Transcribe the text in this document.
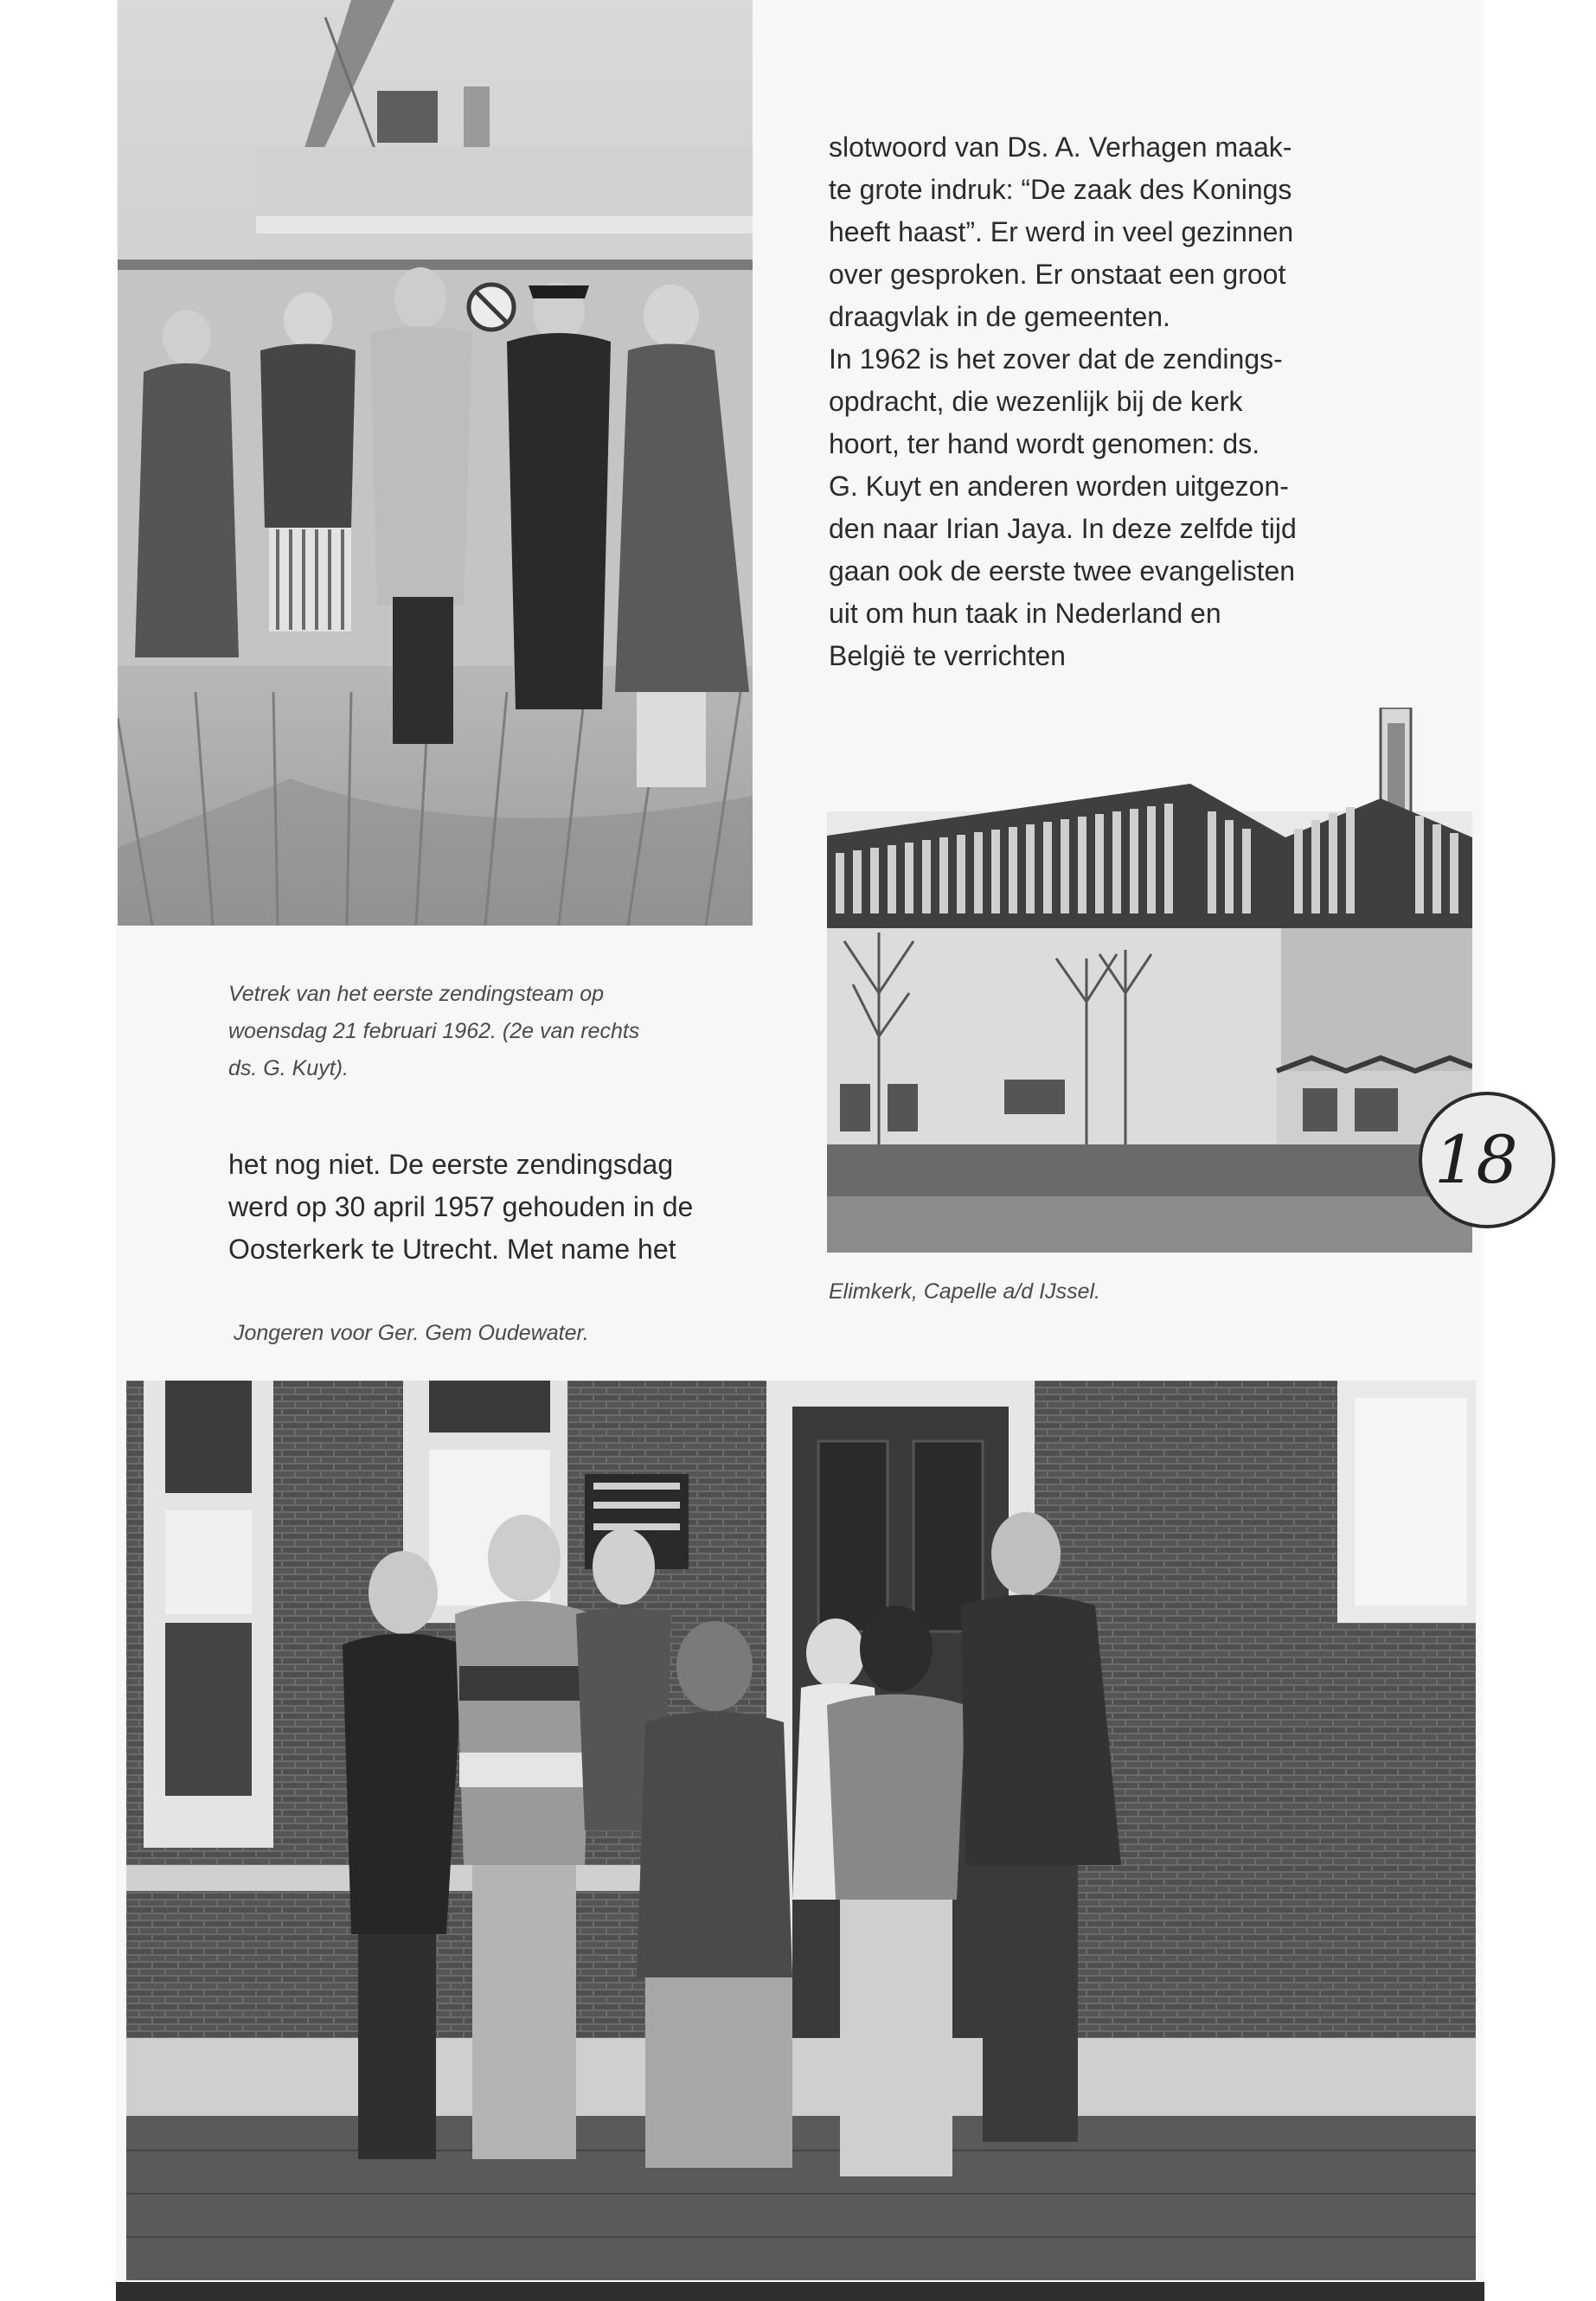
slotwoord van Ds. A. Verhagen maak-
te grote indruk: “De zaak des Konings
heeft haast”. Er werd in veel gezinnen
over gesproken. Er onstaat een groot
draagvlak in de gemeenten.
In 1962 is het zover dat de zendings-
opdracht, die wezenlijk bij de kerk
hoort, ter hand wordt genomen: ds.
G. Kuyt en anderen worden uitgezon-
den naar Irian Jaya. In deze zelfde tijd
gaan ook de eerste twee evangelisten
uit om hun taak in Nederland en
België te verrichten
Vetrek van het eerste zendingsteam op
woensdag 21 februari 1962. (2e van rechts
ds. G. Kuyt).
het nog niet. De eerste zendingsdag
werd op 30 april 1957 gehouden in de
Oosterkerk te Utrecht. Met name het
18
Elimkerk, Capelle a/d IJssel.
Jongeren voor Ger. Gem Oudewater.
